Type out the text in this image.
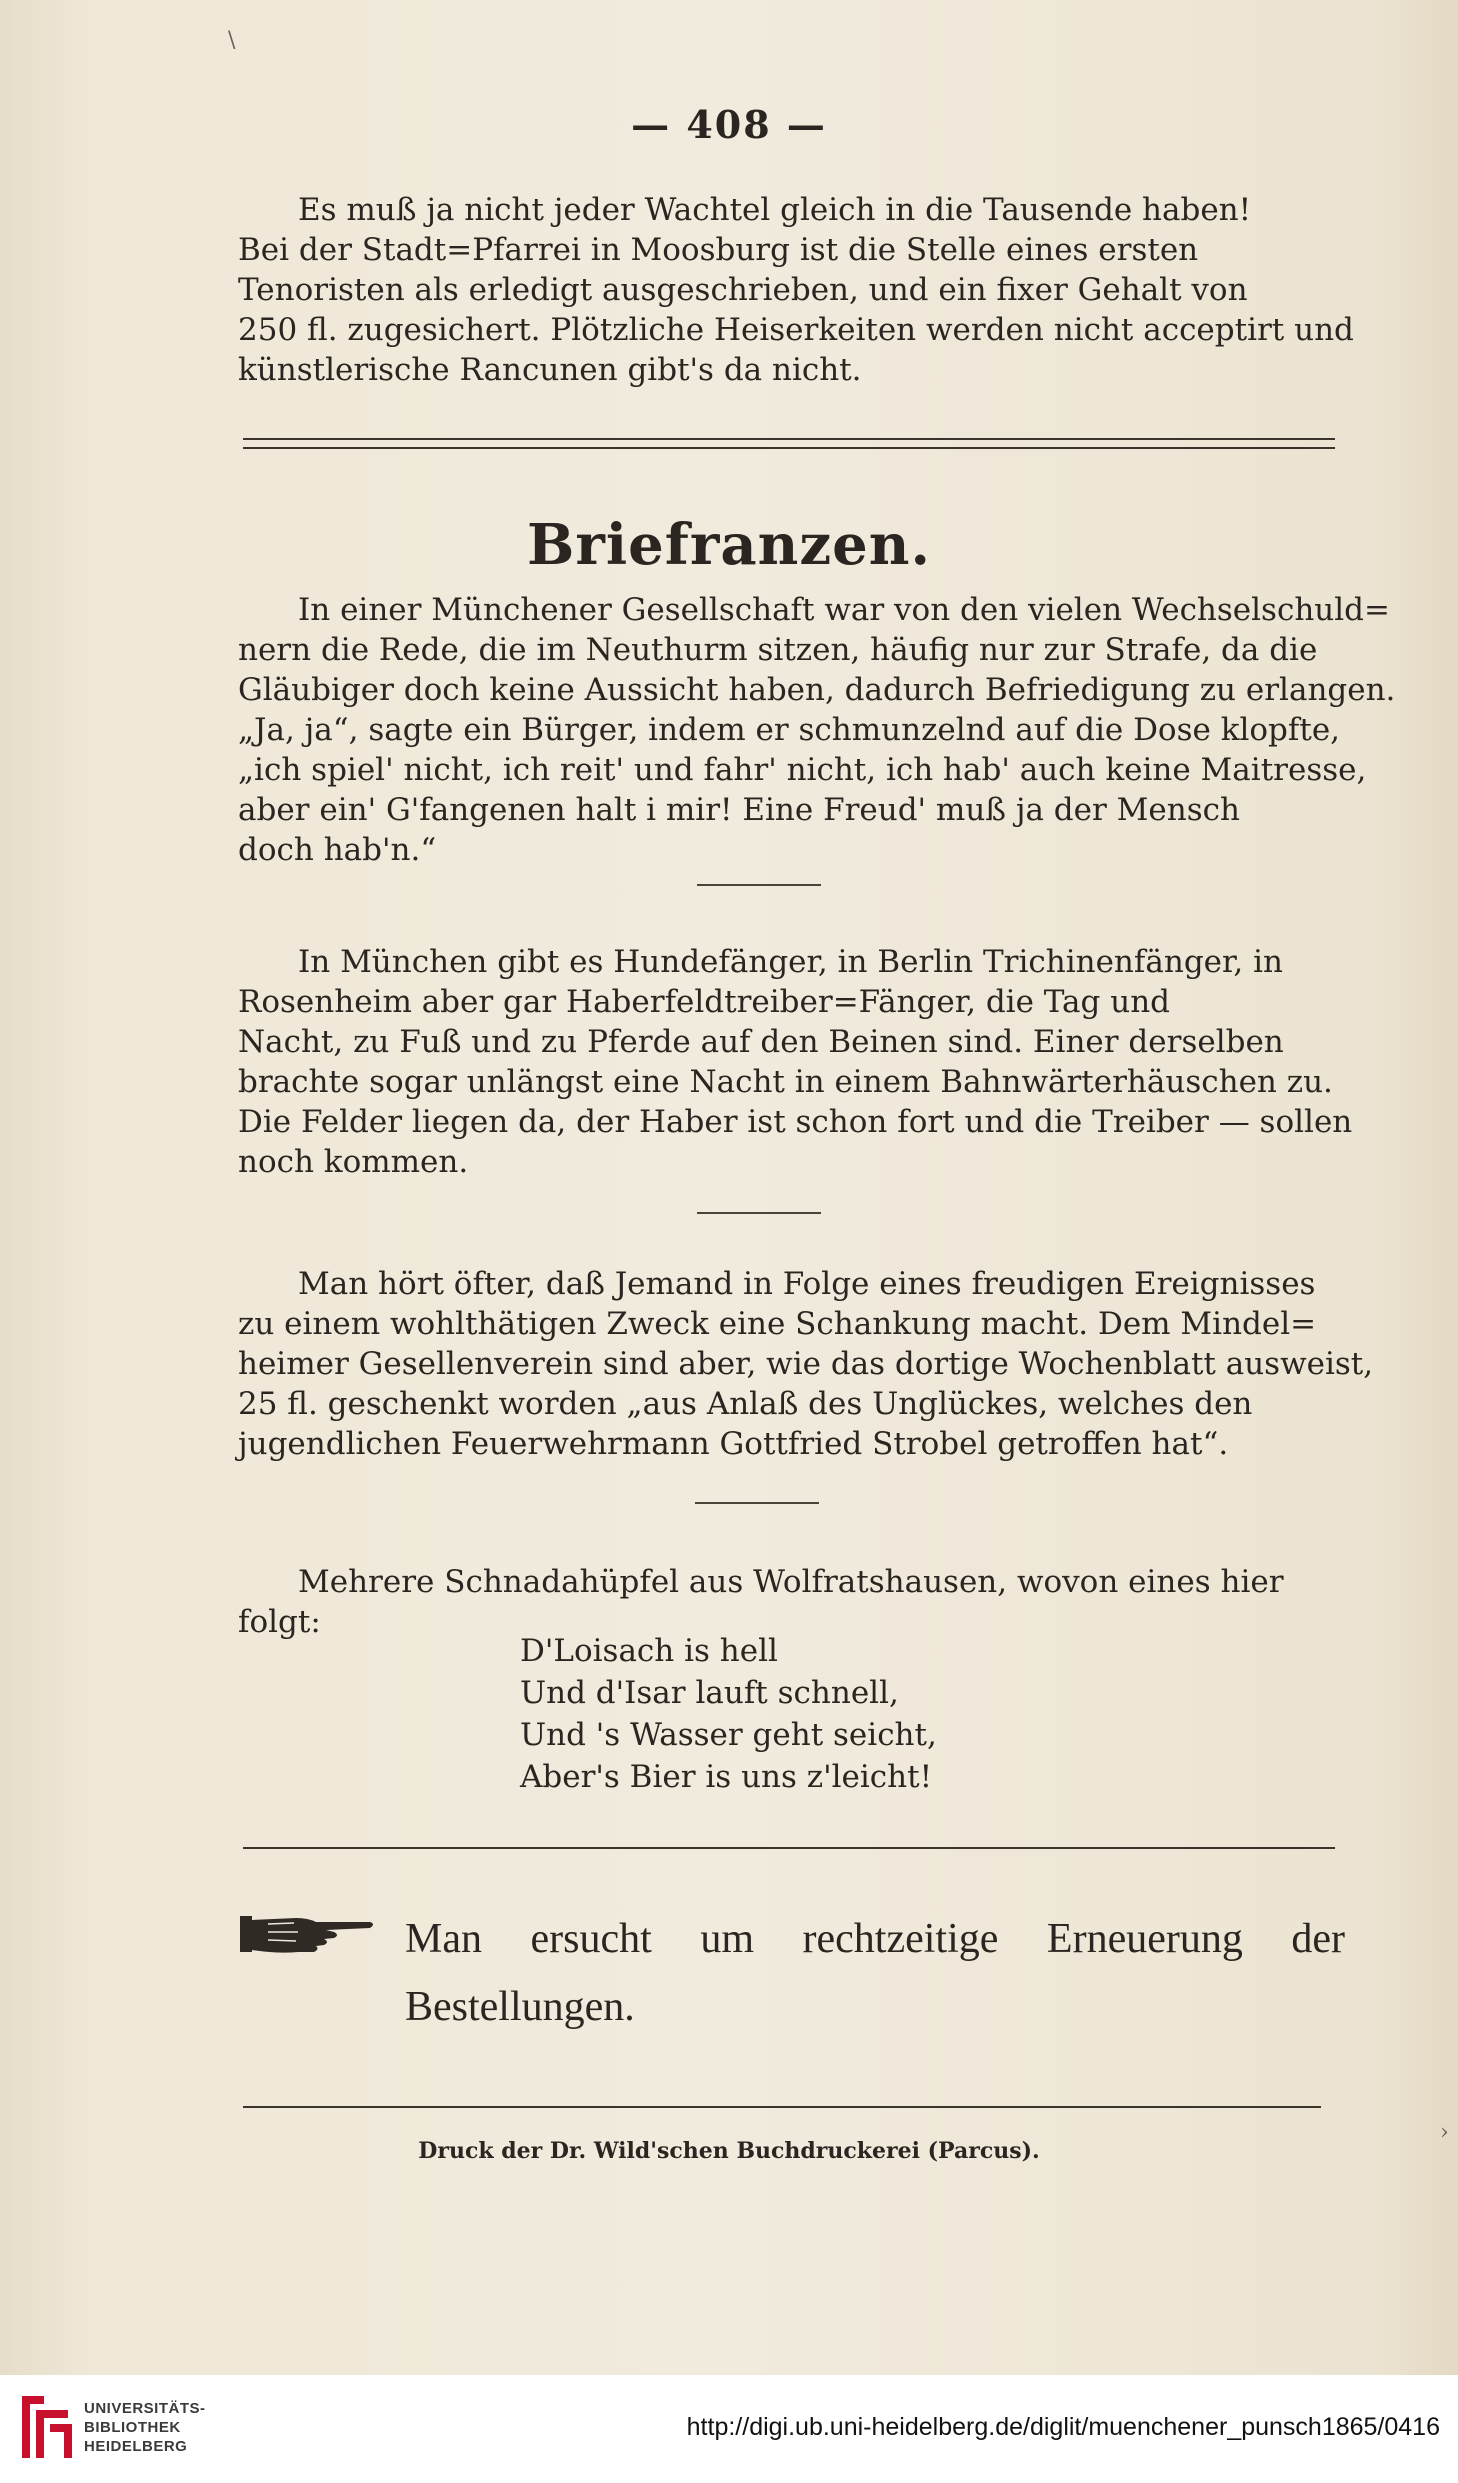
\
›
— 408 —
Es muß ja nicht jeder Wachtel gleich in die Tausende haben!
Bei der Stadt=Pfarrei in Moosburg ist die Stelle eines ersten
Tenoristen als erledigt ausgeschrieben, und ein fixer Gehalt von
250 fl. zugesichert. Plötzliche Heiserkeiten werden nicht acceptirt und
künstlerische Rancunen gibt's da nicht.
Briefranzen.
In einer Münchener Gesellschaft war von den vielen Wechselschuld=
nern die Rede, die im Neuthurm sitzen, häufig nur zur Strafe, da die
Gläubiger doch keine Aussicht haben, dadurch Befriedigung zu erlangen.
„Ja, ja“, sagte ein Bürger, indem er schmunzelnd auf die Dose klopfte,
„ich spiel' nicht, ich reit' und fahr' nicht, ich hab' auch keine Maitresse,
aber ein' G'fangenen halt i mir! Eine Freud' muß ja der Mensch
doch hab'n.“
In München gibt es Hundefänger, in Berlin Trichinenfänger, in
Rosenheim aber gar Haberfeldtreiber=Fänger, die Tag und
Nacht, zu Fuß und zu Pferde auf den Beinen sind. Einer derselben
brachte sogar unlängst eine Nacht in einem Bahnwärterhäuschen zu.
Die Felder liegen da, der Haber ist schon fort und die Treiber — sollen
noch kommen.
Man hört öfter, daß Jemand in Folge eines freudigen Ereignisses
zu einem wohlthätigen Zweck eine Schankung macht. Dem Mindel=
heimer Gesellenverein sind aber, wie das dortige Wochenblatt ausweist,
25 fl. geschenkt worden „aus Anlaß des Unglückes, welches den
jugendlichen Feuerwehrmann Gottfried Strobel getroffen hat“.
Mehrere Schnadahüpfel aus Wolfratshausen, wovon eines hier
folgt:
D'Loisach is hell
Und d'Isar lauft schnell,
Und 's Wasser geht seicht,
Aber's Bier is uns z'leicht!
Man ersucht um rechtzeitige Erneuerung der Bestellungen.
Druck der Dr. Wild'schen Buchdruckerei (Parcus).
UNIVERSITÄTS-
BIBLIOTHEK
HEIDELBERG
http://digi.ub.uni-heidelberg.de/diglit/muenchener_punsch1865/0416
